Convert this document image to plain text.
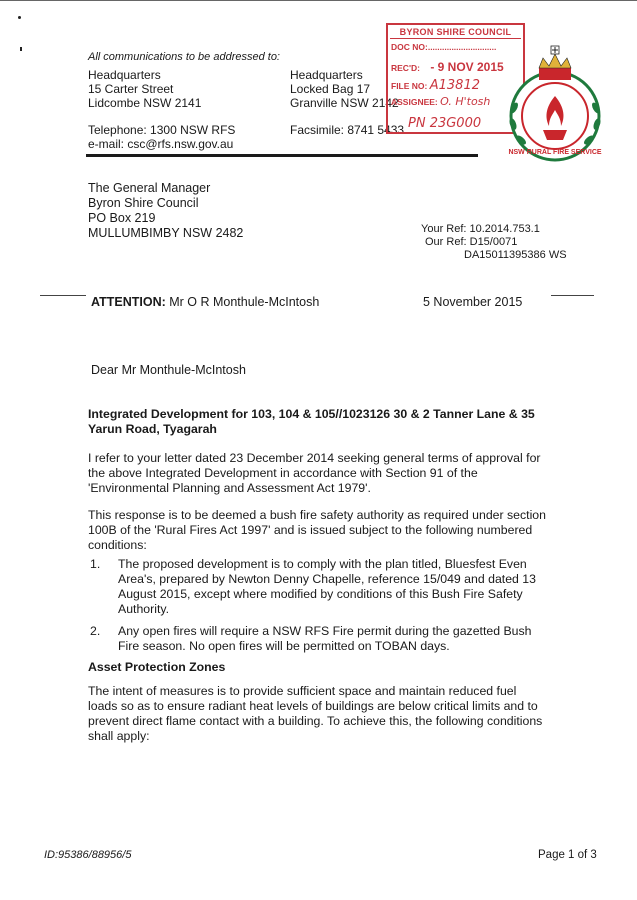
All communications to be addressed to:
Headquarters
15 Carter Street
Lidcombe NSW 2141
Headquarters
Locked Bag 17
Granville NSW 2142
Telephone: 1300 NSW RFS
e-mail: csc@rfs.nsw.gov.au
Facsimile: 8741 5433
BYRON SHIRE COUNCIL
DOC NO:.............................
REC'D: - 9 NOV 2015
FILE NO: A13812
ASSIGNEE: O. H'tosh
PN 23G000
NSW RURAL FIRE SERVICE
The General Manager
Byron Shire Council
PO Box 219
MULLUMBIMBY NSW 2482	Your Ref: 10.2014.753.1
Our Ref: D15/0071
DA15011395386 WS
ATTENTION: Mr O R Monthule-McIntosh	5 November 2015
Dear Mr Monthule-McIntosh
Integrated Development for 103, 104 & 105//1023126 30 & 2 Tanner Lane & 35 Yarun Road, Tyagarah
I refer to your letter dated 23 December 2014 seeking general terms of approval for the above Integrated Development in accordance with Section 91 of the 'Environmental Planning and Assessment Act 1979'.
This response is to be deemed a bush fire safety authority as required under section 100B of the 'Rural Fires Act 1997' and is issued subject to the following numbered conditions:
1. The proposed development is to comply with the plan titled, Bluesfest Even Area's, prepared by Newton Denny Chapelle, reference 15/049 and dated 13 August 2015, except where modified by conditions of this Bush Fire Safety Authority.
2. Any open fires will require a NSW RFS Fire permit during the gazetted Bush Fire season. No open fires will be permitted on TOBAN days.
Asset Protection Zones
The intent of measures is to provide sufficient space and maintain reduced fuel loads so as to ensure radiant heat levels of buildings are below critical limits and to prevent direct flame contact with a building. To achieve this, the following conditions shall apply:
ID:95386/88956/5	Page 1 of 3
